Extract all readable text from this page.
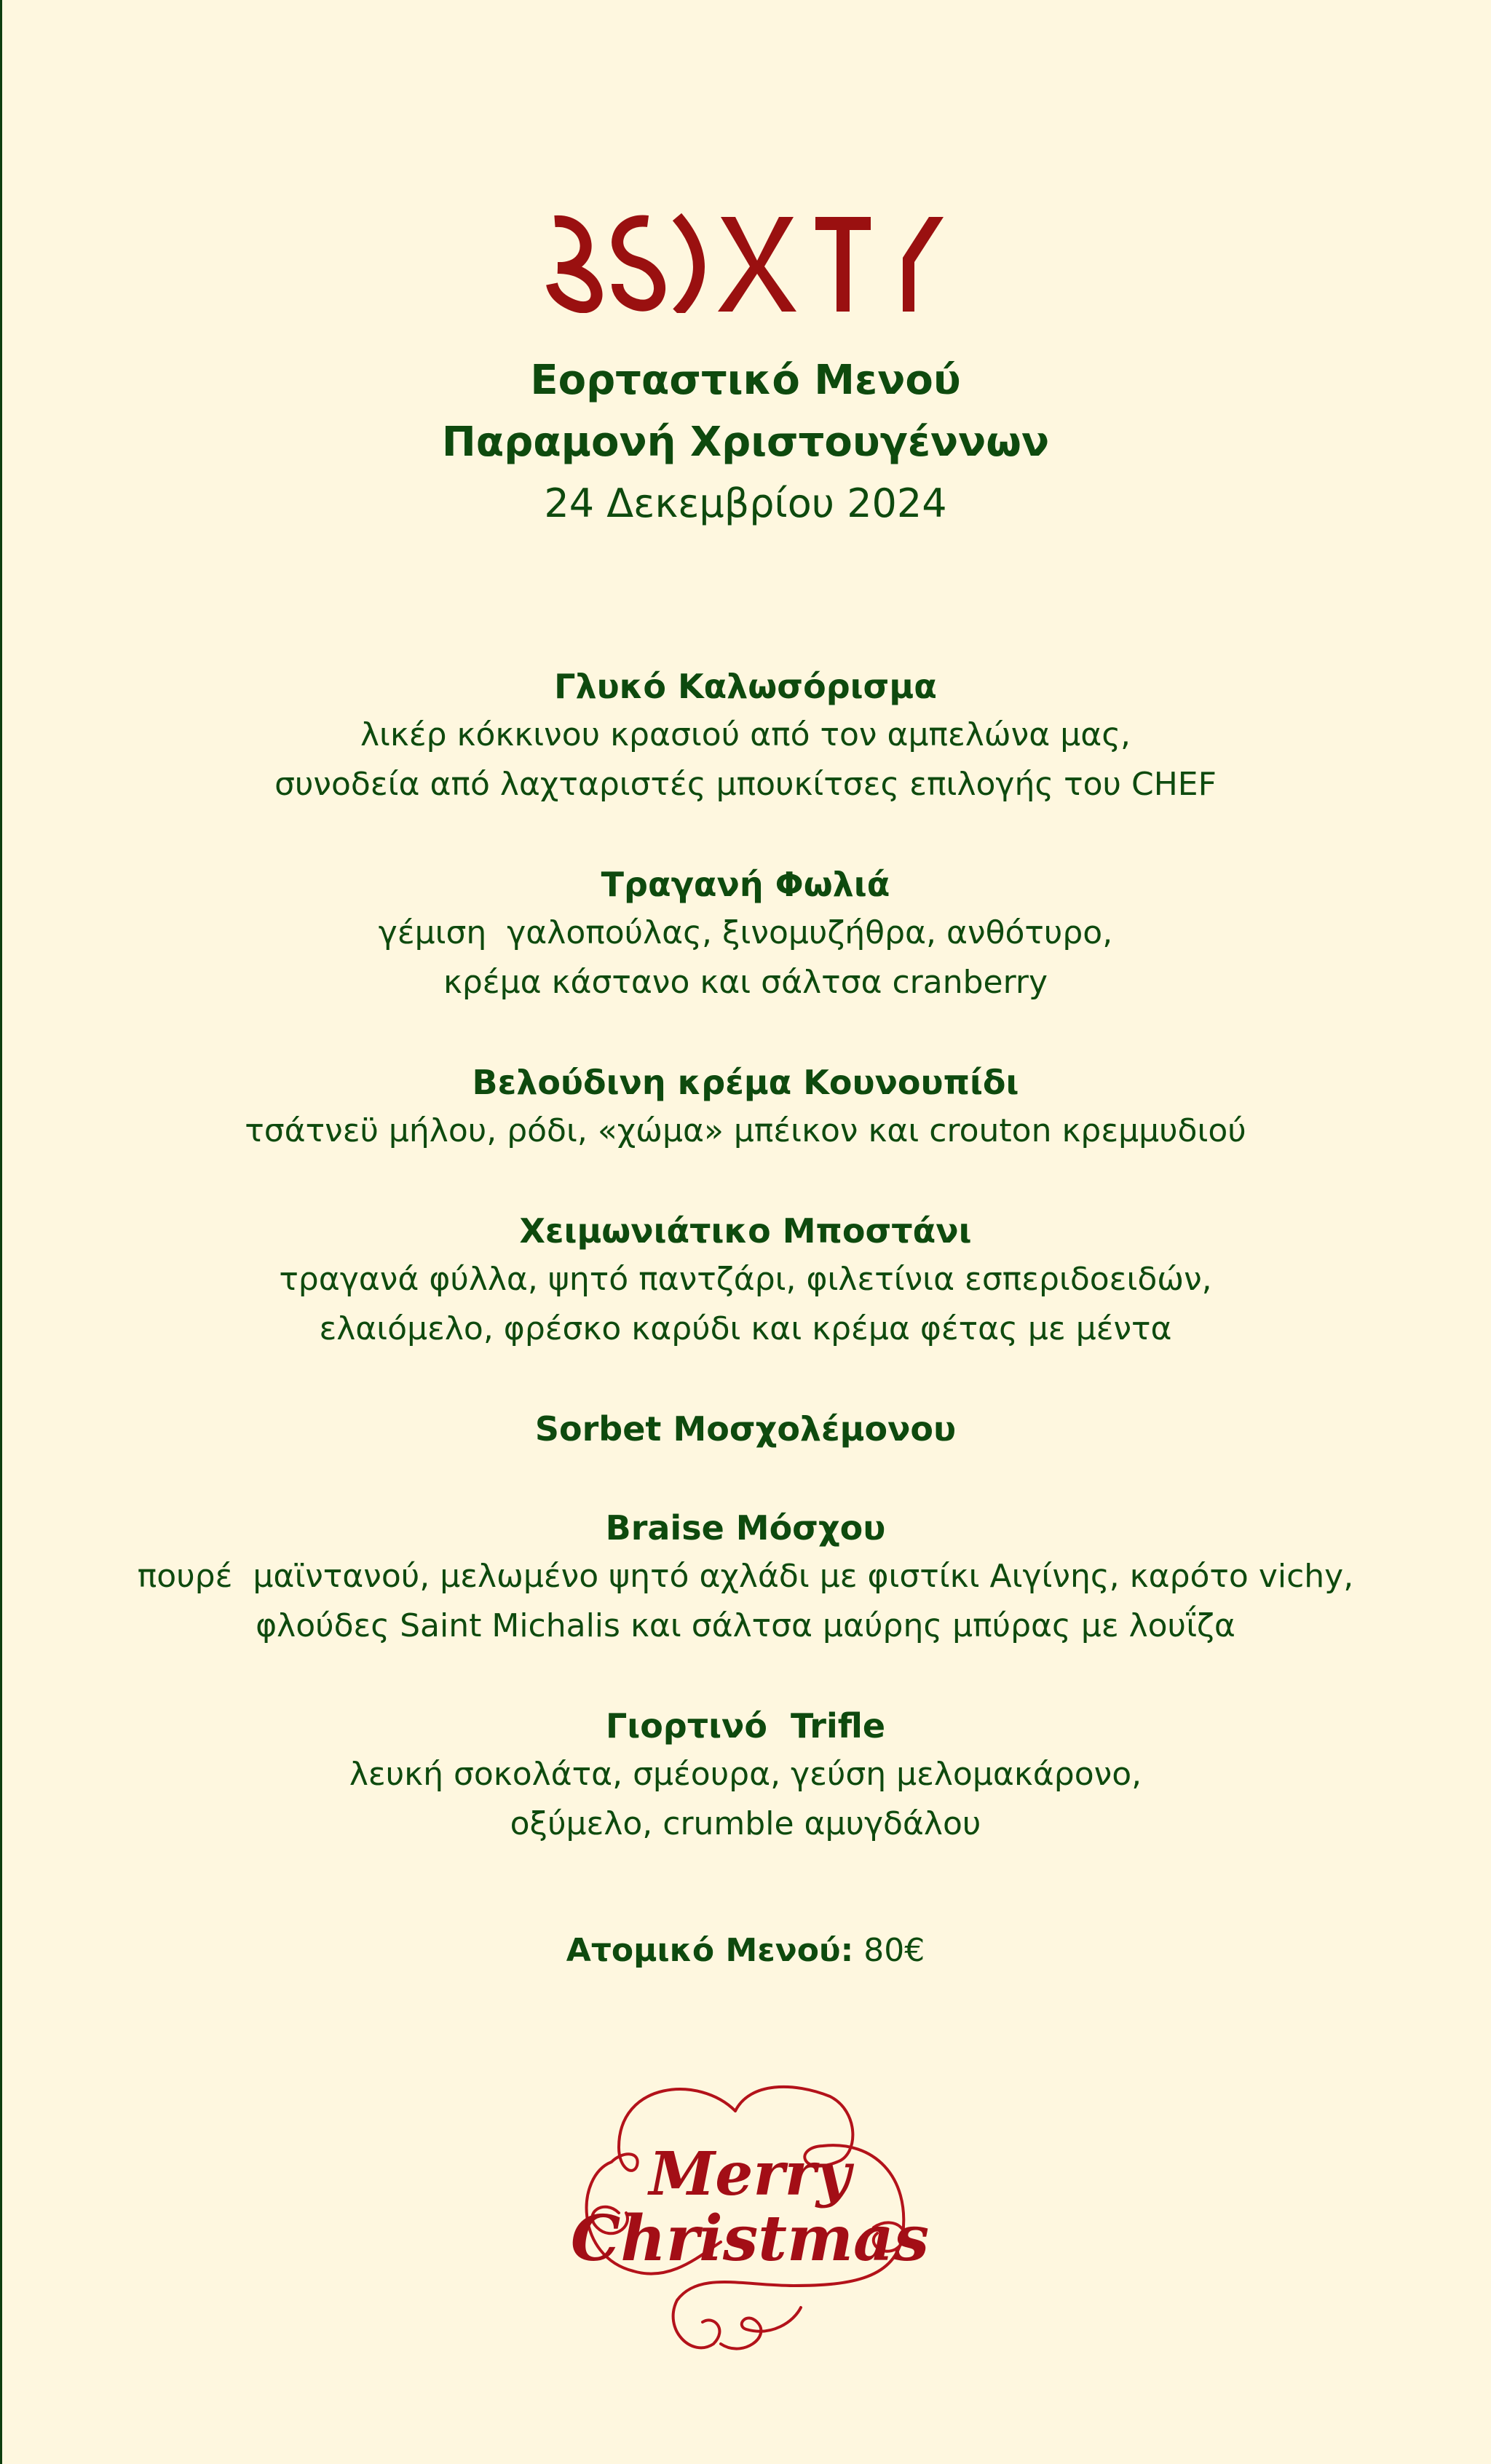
Εορταστικό Μενού
Παραμονή Χριστουγέννων
24 Δεκεμβρίου 2024
Γλυκό Καλωσόρισμα
λικέρ κόκκινου κρασιού από τον αμπελώνα μας,
συνοδεία από λαχταριστές μπουκίτσες επιλογής του CHEF
Τραγανή Φωλιά
γέμιση  γαλοπούλας, ξινομυζήθρα, ανθότυρο,
κρέμα κάστανο και σάλτσα cranberry
Βελούδινη κρέμα Κουνουπίδι
τσάτνεϋ μήλου, ρόδι, «χώμα» μπέικον και crouton κρεμμυδιού
Χειμωνιάτικο Μποστάνι
τραγανά φύλλα, ψητό παντζάρι, φιλετίνια εσπεριδοειδών,
ελαιόμελο, φρέσκο καρύδι και κρέμα φέτας με μέντα
Sorbet Μοσχολέμονου
Braise Μόσχου
πουρέ  μαϊντανού, μελωμένο ψητό αχλάδι με φιστίκι Αιγίνης, καρότο vichy,
φλούδες Saint Michalis και σάλτσα μαύρης μπύρας με λουΐζα
Γιορτινό  Trifle
λευκή σοκολάτα, σμέουρα, γεύση μελομακάρονο,
οξύμελο, crumble αμυγδάλου
Ατομικό Μενού: 80€
Merry
Christmas
